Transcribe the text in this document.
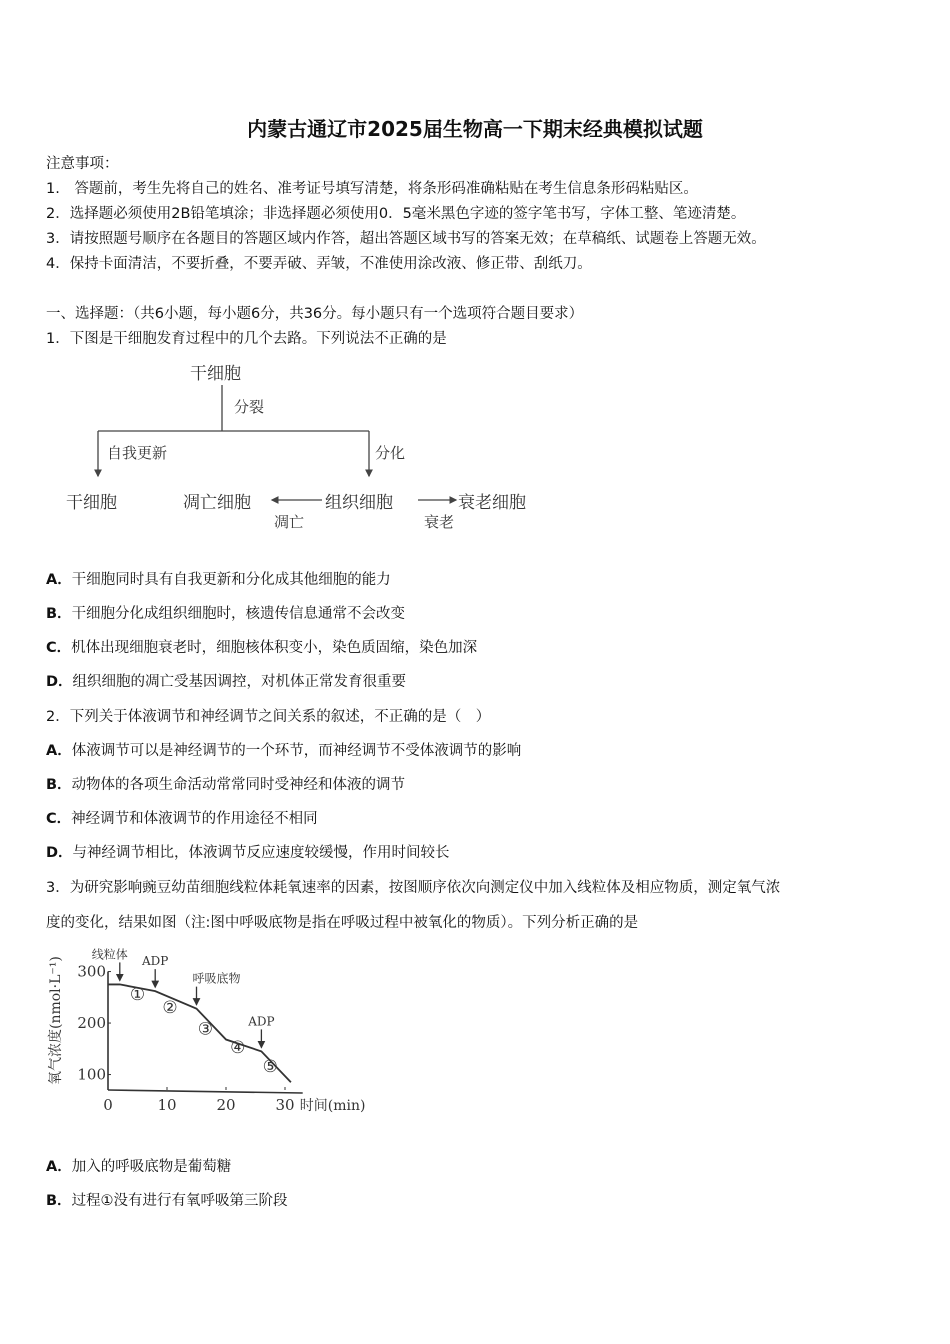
内蒙古通辽市2025届生物高一下期末经典模拟试题
注意事项：
1.　答题前，考生先将自己的姓名、准考证号填写清楚，将条形码准确粘贴在考生信息条形码粘贴区。
2．选择题必须使用2B铅笔填涂；非选择题必须使用0．5毫米黑色字迹的签字笔书写，字体工整、笔迹清楚。
3．请按照题号顺序在各题目的答题区域内作答，超出答题区域书写的答案无效；在草稿纸、试题卷上答题无效。
4．保持卡面清洁，不要折叠，不要弄破、弄皱，不准使用涂改液、修正带、刮纸刀。
一、选择题：（共6小题，每小题6分，共36分。每小题只有一个选项符合题目要求）
1．下图是干细胞发育过程中的几个去路。下列说法不正确的是
干细胞
分裂
自我更新	分化
干细胞	凋亡细胞	组织细胞	衰老细胞
凋亡	衰老
A．干细胞同时具有自我更新和分化成其他细胞的能力
B．干细胞分化成组织细胞时，核遗传信息通常不会改变
C．机体出现细胞衰老时，细胞核体积变小，染色质固缩，染色加深
D．组织细胞的凋亡受基因调控，对机体正常发育很重要
2．下列关于体液调节和神经调节之间关系的叙述，不正确的是（　）
A．体液调节可以是神经调节的一个环节，而神经调节不受体液调节的影响
B．动物体的各项生命活动常常同时受神经和体液的调节
C．神经调节和体液调节的作用途径不相同
D．与神经调节相比，体液调节反应速度较缓慢，作用时间较长
3．为研究影响豌豆幼苗细胞线粒体耗氧速率的因素，按图顺序依次向测定仪中加入线粒体及相应物质，测定氧气浓
度的变化，结果如图（注:图中呼吸底物是指在呼吸过程中被氧化的物质）。下列分析正确的是
0	10	20	30
100
200
300
时间(min)
氧气浓度(nmol·L⁻¹)
线粒体 ADP
呼吸底物
ADP
①
②
③
④
⑤
A．加入的呼吸底物是葡萄糖
B．过程①没有进行有氧呼吸第三阶段
